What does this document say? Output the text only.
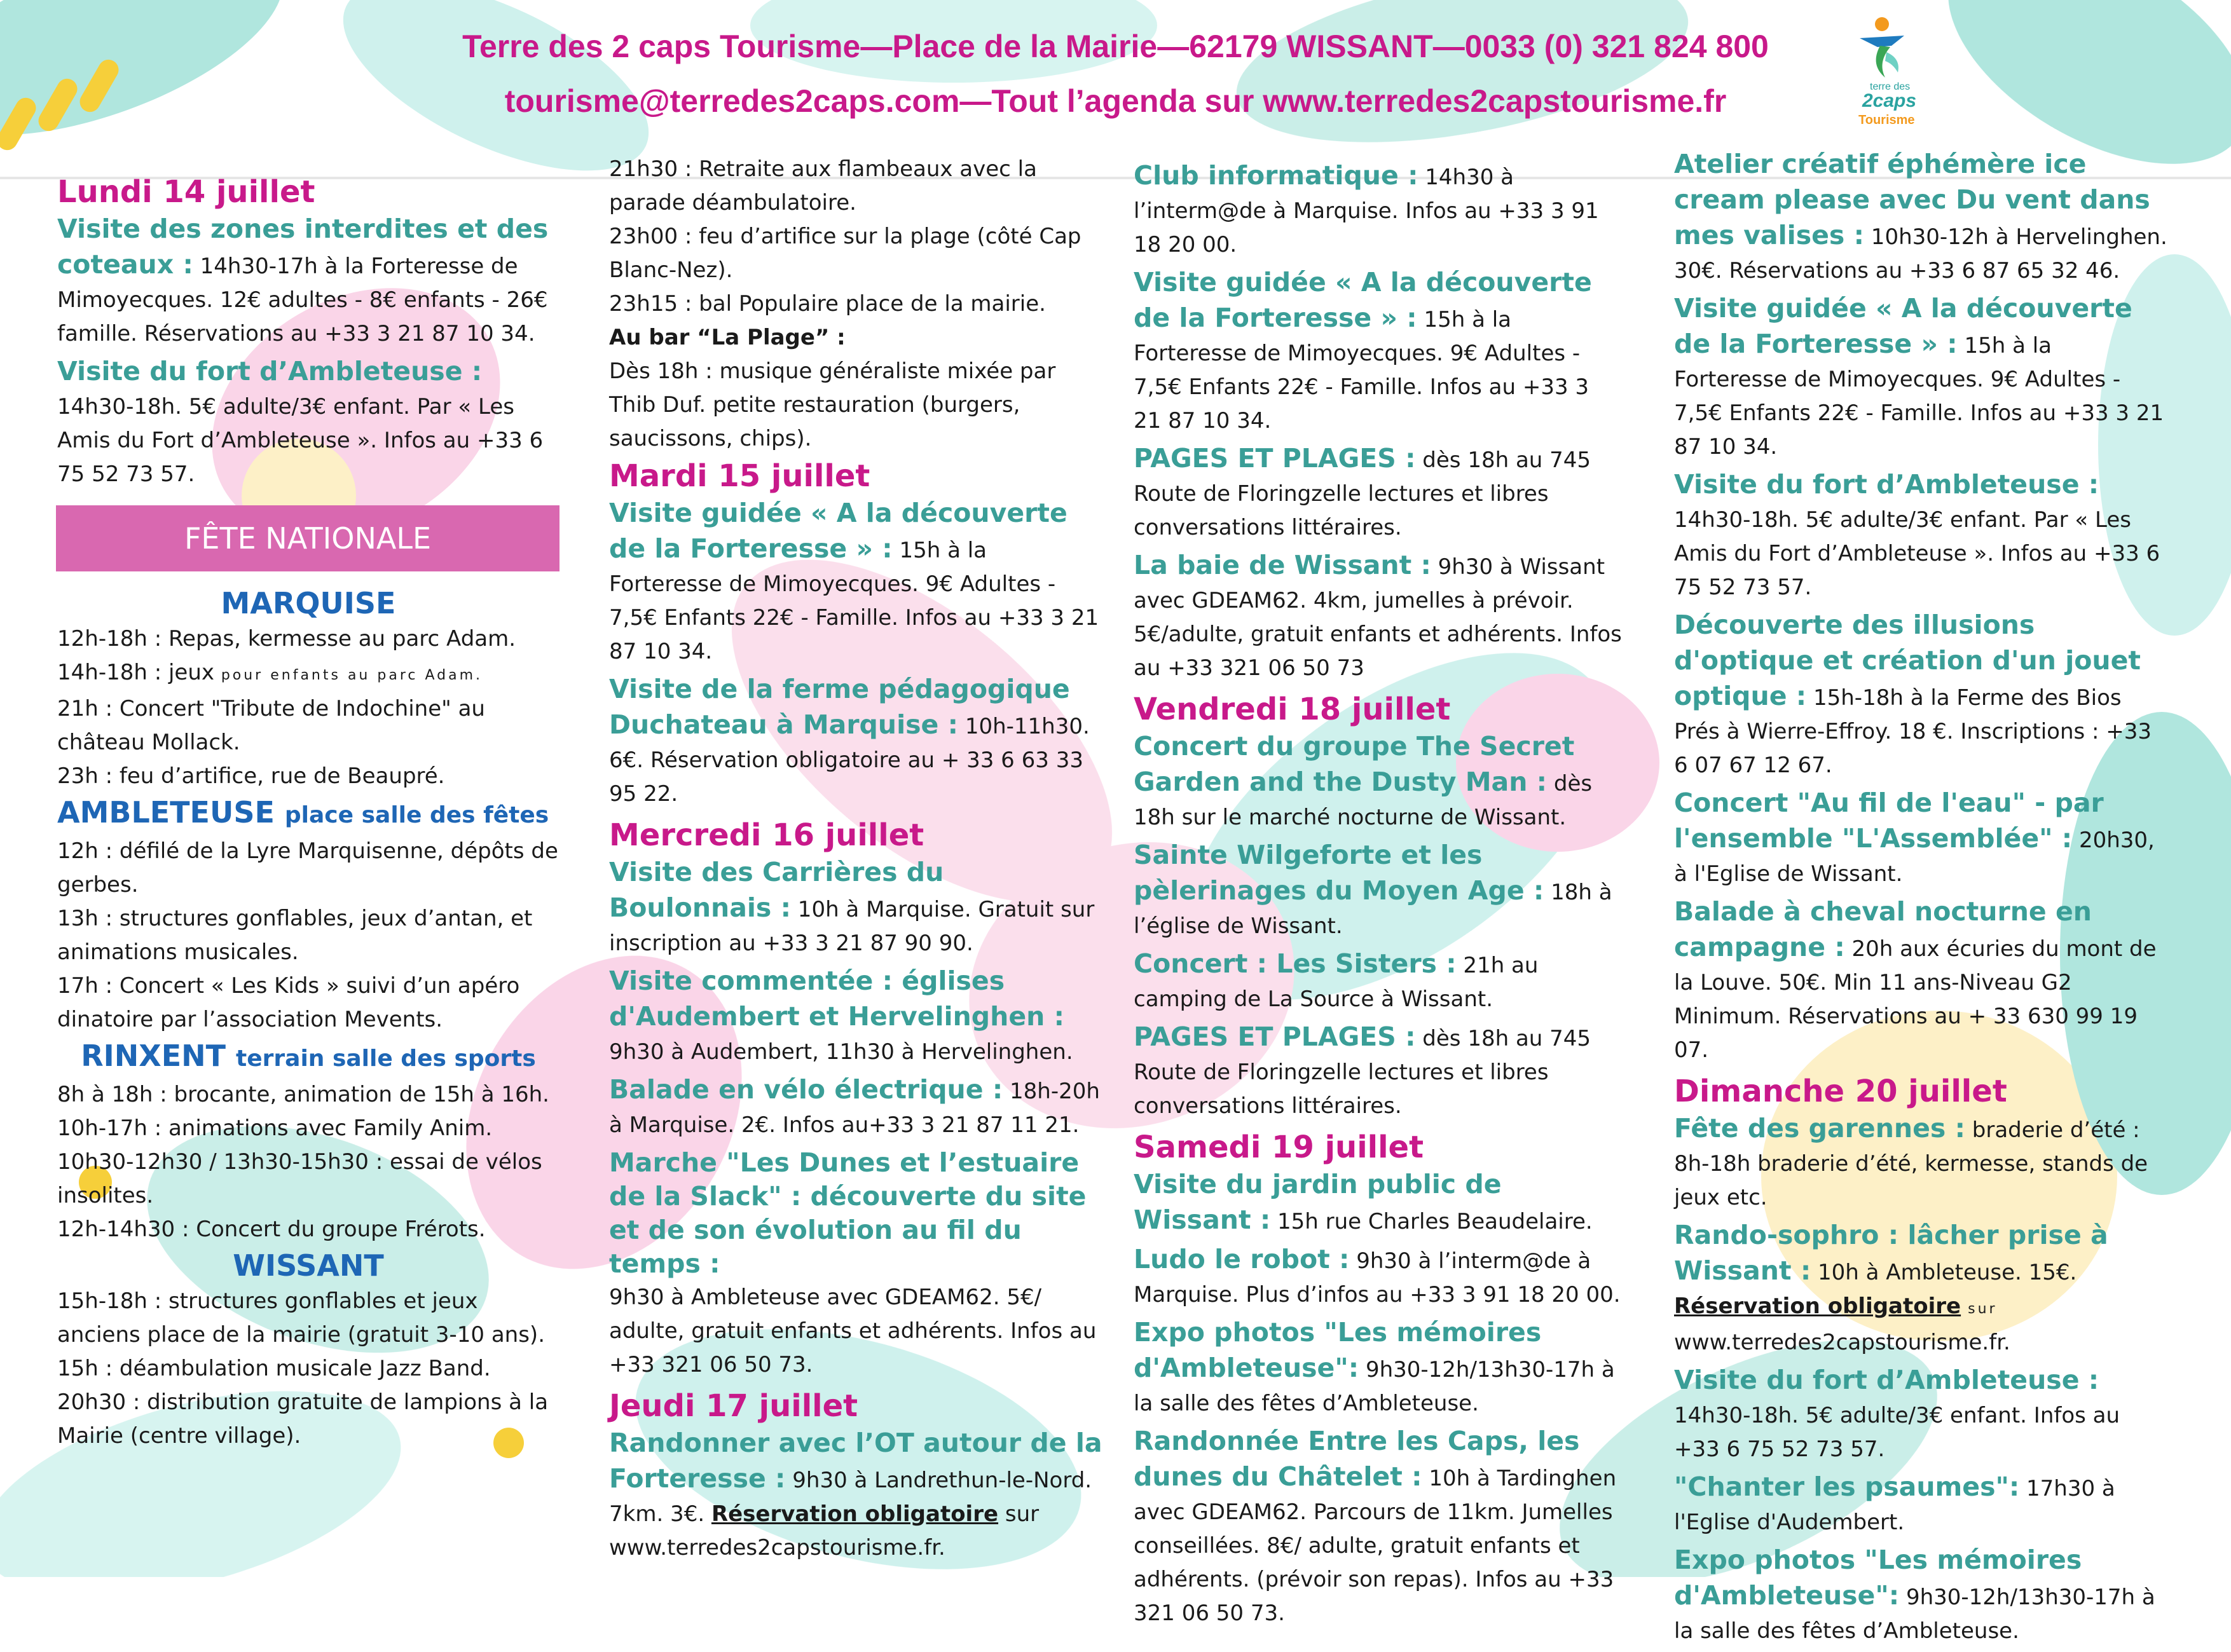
Terre des 2 caps Tourisme—Place de la Mairie—62179 WISSANT—0033 (0) 321 824 800
tourisme@terredes2caps.com—Tout l’agenda sur www.terredes2capstourisme.fr	terre des
2caps
Tourisme
Lundi 14 juillet
Visite des zones interdites et des coteaux : 14h30-17h à la Forteresse de Mimoyecques. 12€ adultes - 8€ enfants - 26€ famille. Réservations au +33 3 21 87 10 34.
Visite du fort d’Ambleteuse : 14h30-18h. 5€ adulte/3€ enfant. Par « Les Amis du Fort d’Ambleteuse ». Infos au +33 6 75 52 73 57.
FÊTE NATIONALE
MARQUISE
12h-18h : Repas, kermesse au parc Adam.
14h-18h : jeux pour enfants au parc Adam.
21h : Concert "Tribute de Indochine" au château Mollack.
23h : feu d’artifice, rue de Beaupré.
AMBLETEUSE place salle des fêtes
12h : défilé de la Lyre Marquisenne, dépôts de gerbes.
13h : structures gonflables, jeux d’antan, et animations musicales.
17h : Concert « Les Kids » suivi d’un apéro dinatoire par l’association Mevents.
RINXENT terrain salle des sports
8h à 18h : brocante, animation de 15h à 16h.
10h-17h : animations avec Family Anim.
10h30-12h30 / 13h30-15h30 : essai de vélos insolites.
12h-14h30 : Concert du groupe Frérots.
WISSANT
15h-18h : structures gonflables et jeux anciens place de la mairie (gratuit 3-10 ans).
15h : déambulation musicale Jazz Band.
20h30 : distribution gratuite de lampions à la Mairie (centre village).
21h30 : Retraite aux flambeaux avec la parade déambulatoire.
23h00 : feu d’artifice sur la plage (côté Cap Blanc-Nez).
23h15 : bal Populaire place de la mairie.
Au bar “La Plage” :
Dès 18h : musique généraliste mixée par Thib Duf. petite restauration (burgers, saucissons, chips).
Mardi 15 juillet
Visite guidée « A la découverte de la Forteresse » : 15h à la Forteresse de Mimoyecques. 9€ Adultes - 7,5€ Enfants 22€ - Famille. Infos au +33 3 21 87 10 34.
Visite de la ferme pédagogique Duchateau à Marquise : 10h-11h30. 6€. Réservation obligatoire au + 33 6 63 33 95 22.
Mercredi 16 juillet
Visite des Carrières du Boulonnais : 10h à Marquise. Gratuit sur inscription au +33 3 21 87 90 90.
Visite commentée : églises d'Audembert et Hervelinghen : 9h30 à Audembert, 11h30 à Hervelinghen.
Balade en vélo électrique : 18h-20h à Marquise. 2€. Infos au+33 3 21 87 11 21.
Marche "Les Dunes et l’estuaire de la Slack" : découverte du site et de son évolution au fil du temps :
9h30 à Ambleteuse avec GDEAM62. 5€/ adulte, gratuit enfants et adhérents. Infos au +33 321 06 50 73.
Jeudi 17 juillet
Randonner avec l’OT autour de la Forteresse : 9h30 à Landrethun-le-Nord. 7km. 3€. Réservation obligatoire sur www.terredes2capstourisme.fr.
Club informatique : 14h30 à l’interm@de à Marquise. Infos au +33 3 91 18 20 00.
Visite guidée « A la découverte de la Forteresse » : 15h à la Forteresse de Mimoyecques. 9€ Adultes - 7,5€ Enfants 22€ - Famille. Infos au +33 3 21 87 10 34.
PAGES ET PLAGES : dès 18h au 745 Route de Floringzelle lectures et libres conversations littéraires.
La baie de Wissant : 9h30 à Wissant avec GDEAM62. 4km, jumelles à prévoir. 5€/adulte, gratuit enfants et adhérents. Infos au +33 321 06 50 73
Vendredi 18 juillet
Concert du groupe The Secret Garden and the Dusty Man : dès 18h sur le marché nocturne de Wissant.
Sainte Wilgeforte et les pèlerinages du Moyen Age : 18h à l’église de Wissant.
Concert : Les Sisters : 21h au camping de La Source à Wissant.
PAGES ET PLAGES : dès 18h au 745 Route de Floringzelle lectures et libres conversations littéraires.
Samedi 19 juillet
Visite du jardin public de Wissant : 15h rue Charles Beaudelaire.
Ludo le robot : 9h30 à l’interm@de à Marquise. Plus d’infos au +33 3 91 18 20 00.
Expo photos "Les mémoires d'Ambleteuse": 9h30-12h/13h30-17h à la salle des fêtes d’Ambleteuse.
Randonnée Entre les Caps, les dunes du Châtelet : 10h à Tardinghen avec GDEAM62. Parcours de 11km. Jumelles conseillées. 8€/ adulte, gratuit enfants et adhérents. (prévoir son repas). Infos au +33 321 06 50 73.
Atelier créatif éphémère ice cream please avec Du vent dans mes valises : 10h30-12h à Hervelinghen. 30€. Réservations au +33 6 87 65 32 46.
Visite guidée « A la découverte de la Forteresse » : 15h à la Forteresse de Mimoyecques. 9€ Adultes - 7,5€ Enfants 22€ - Famille. Infos au +33 3 21 87 10 34.
Visite du fort d’Ambleteuse : 14h30-18h. 5€ adulte/3€ enfant. Par « Les Amis du Fort d’Ambleteuse ». Infos au +33 6 75 52 73 57.
Découverte des illusions d'optique et création d'un jouet optique : 15h-18h à la Ferme des Bios Prés à Wierre-Effroy. 18 €. Inscriptions : +33 6 07 67 12 67.
Concert "Au fil de l'eau" - par l'ensemble "L'Assemblée" : 20h30, à l'Eglise de Wissant.
Balade à cheval nocturne en campagne : 20h aux écuries du mont de la Louve. 50€. Min 11 ans-Niveau G2 Minimum. Réservations au + 33 630 99 19 07.
Dimanche 20 juillet
Fête des garennes : braderie d’été : 8h-18h braderie d’été, kermesse, stands de jeux etc.
Rando-sophro : lâcher prise à Wissant : 10h à Ambleteuse. 15€. Réservation obligatoire sur www.terredes2capstourisme.fr.
Visite du fort d’Ambleteuse : 14h30-18h. 5€ adulte/3€ enfant. Infos au +33 6 75 52 73 57.
"Chanter les psaumes": 17h30 à l'Eglise d'Audembert.
Expo photos "Les mémoires d'Ambleteuse": 9h30-12h/13h30-17h à la salle des fêtes d’Ambleteuse.
